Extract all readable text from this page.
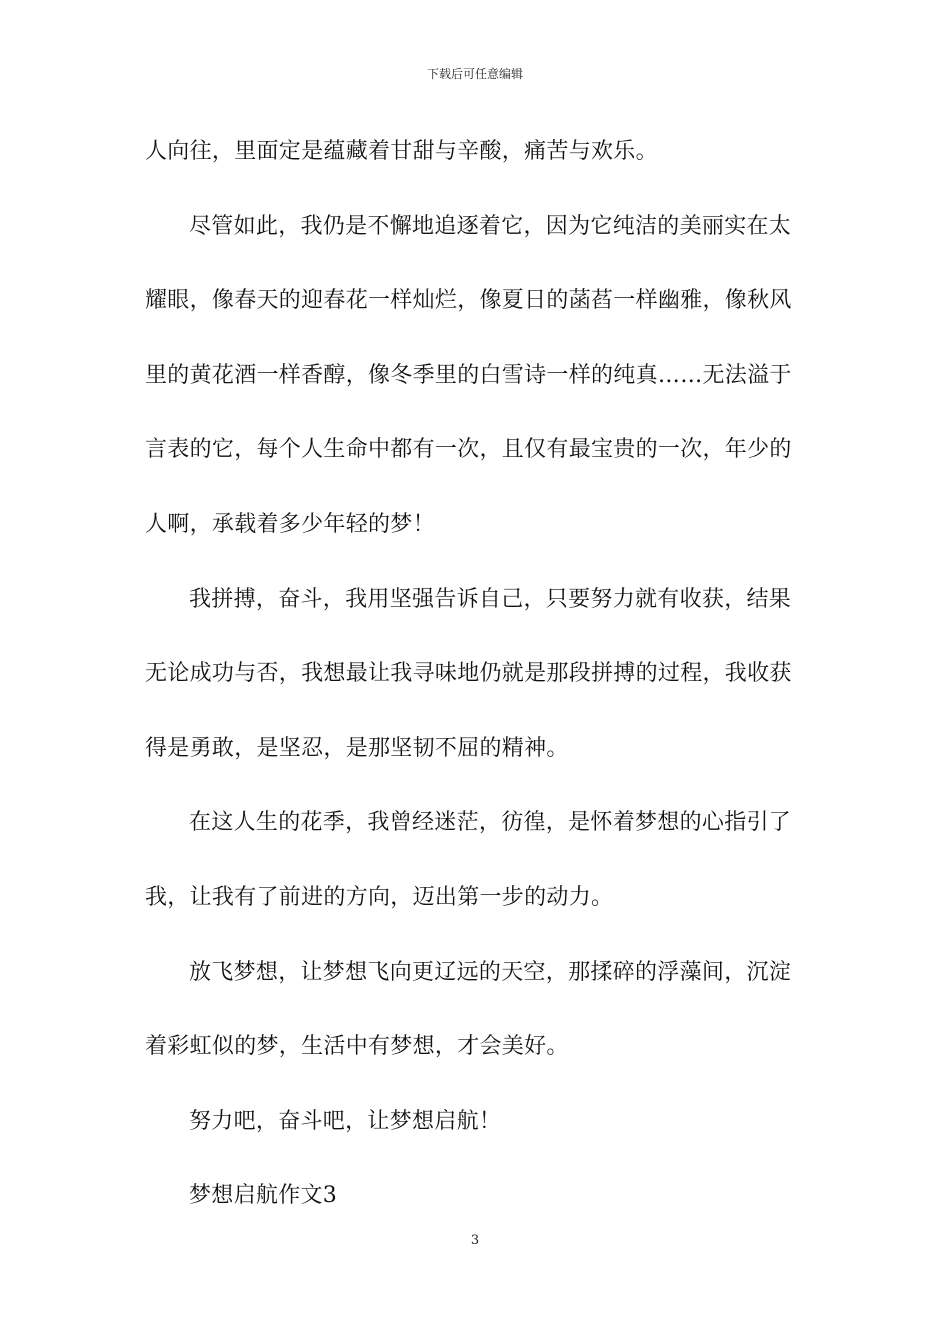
下载后可任意编辑
人向往，里面定是蕴藏着甘甜与辛酸，痛苦与欢乐。
尽管如此，我仍是不懈地追逐着它，因为它纯洁的美丽实在太
耀眼，像春天的迎春花一样灿烂，像夏日的菡萏一样幽雅，像秋风
里的黄花酒一样香醇，像冬季里的白雪诗一样的纯真……无法溢于
言表的它，每个人生命中都有一次，且仅有最宝贵的一次，年少的
人啊，承载着多少年轻的梦！
我拼搏，奋斗，我用坚强告诉自己，只要努力就有收获，结果
无论成功与否，我想最让我寻味地仍就是那段拼搏的过程，我收获
得是勇敢，是坚忍，是那坚韧不屈的精神。
在这人生的花季，我曾经迷茫，彷徨，是怀着梦想的心指引了
我，让我有了前进的方向，迈出第一步的动力。
放飞梦想，让梦想飞向更辽远的天空，那揉碎的浮藻间，沉淀
着彩虹似的梦，生活中有梦想，才会美好。
努力吧，奋斗吧，让梦想启航！
梦想启航作文3
3
